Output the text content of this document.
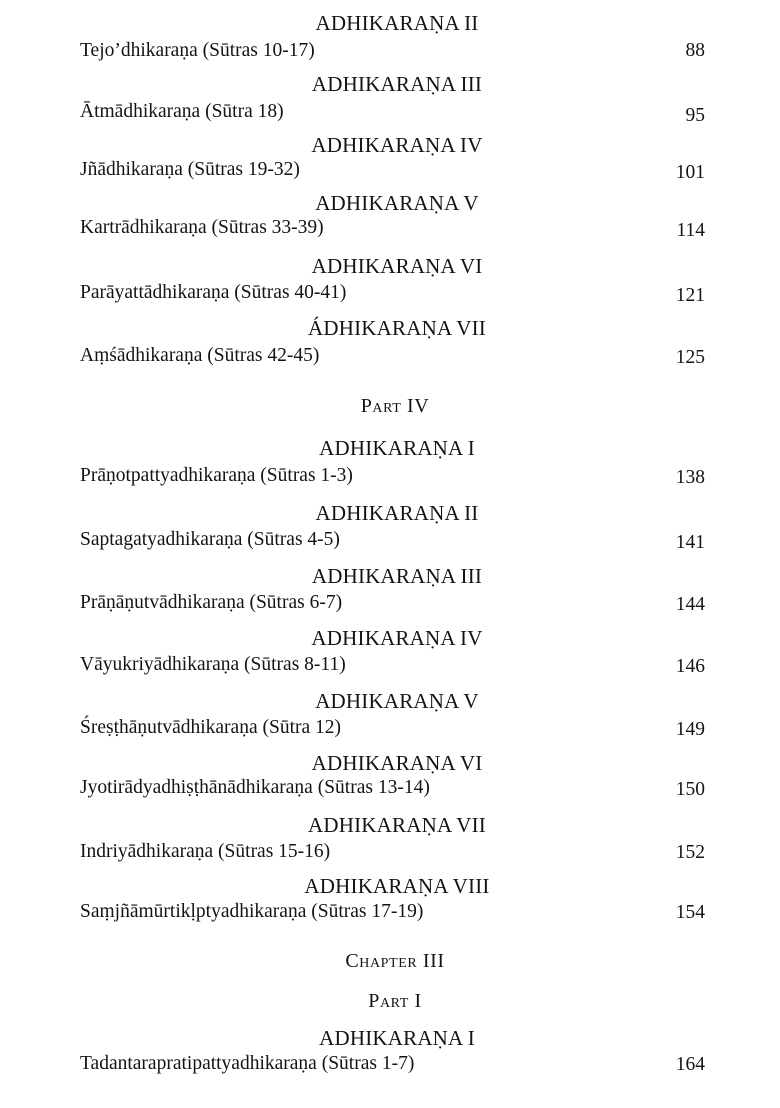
ADHIKARAṆA II
Tejo’dhikaraṇa (Sūtras 10-17)	88
ADHIKARAṆA III
Ātmādhikaraṇa (Sūtra 18)	95
ADHIKARAṆA IV
Jñādhikaraṇa (Sūtras 19-32)	101
ADHIKARAṆA V
Kartrādhikaraṇa (Sūtras 33-39)	114
ADHIKARAṆA VI
Parāyattādhikaraṇa (Sūtras 40-41)	121
ÁDHIKARAṆA VII
Aṃśādhikaraṇa (Sūtras 42-45)	125
Part IV
ADHIKARAṆA I
Prāṇotpattyadhikaraṇa (Sūtras 1-3)	138
ADHIKARAṆA II
Saptagatyadhikaraṇa (Sūtras 4-5)	141
ADHIKARAṆA III
Prāṇāṇutvādhikaraṇa (Sūtras 6-7)	144
ADHIKARAṆA IV
Vāyukriyādhikaraṇa (Sūtras 8-11)	146
ADHIKARAṆA V
Śreṣṭhāṇutvādhikaraṇa (Sūtra 12)	149
ADHIKARAṆA VI
Jyotirādyadhiṣṭhānādhikaraṇa (Sūtras 13-14)	150
ADHIKARAṆA VII
Indriyādhikaraṇa (Sūtras 15-16)	152
ADHIKARAṆA VIII
Saṃjñāmūrtikḷptyadhikaraṇa (Sūtras 17-19)	154
Chapter III
Part I
ADHIKARAṆA I
Tadantarapratipattyadhikaraṇa (Sūtras 1-7)	164
